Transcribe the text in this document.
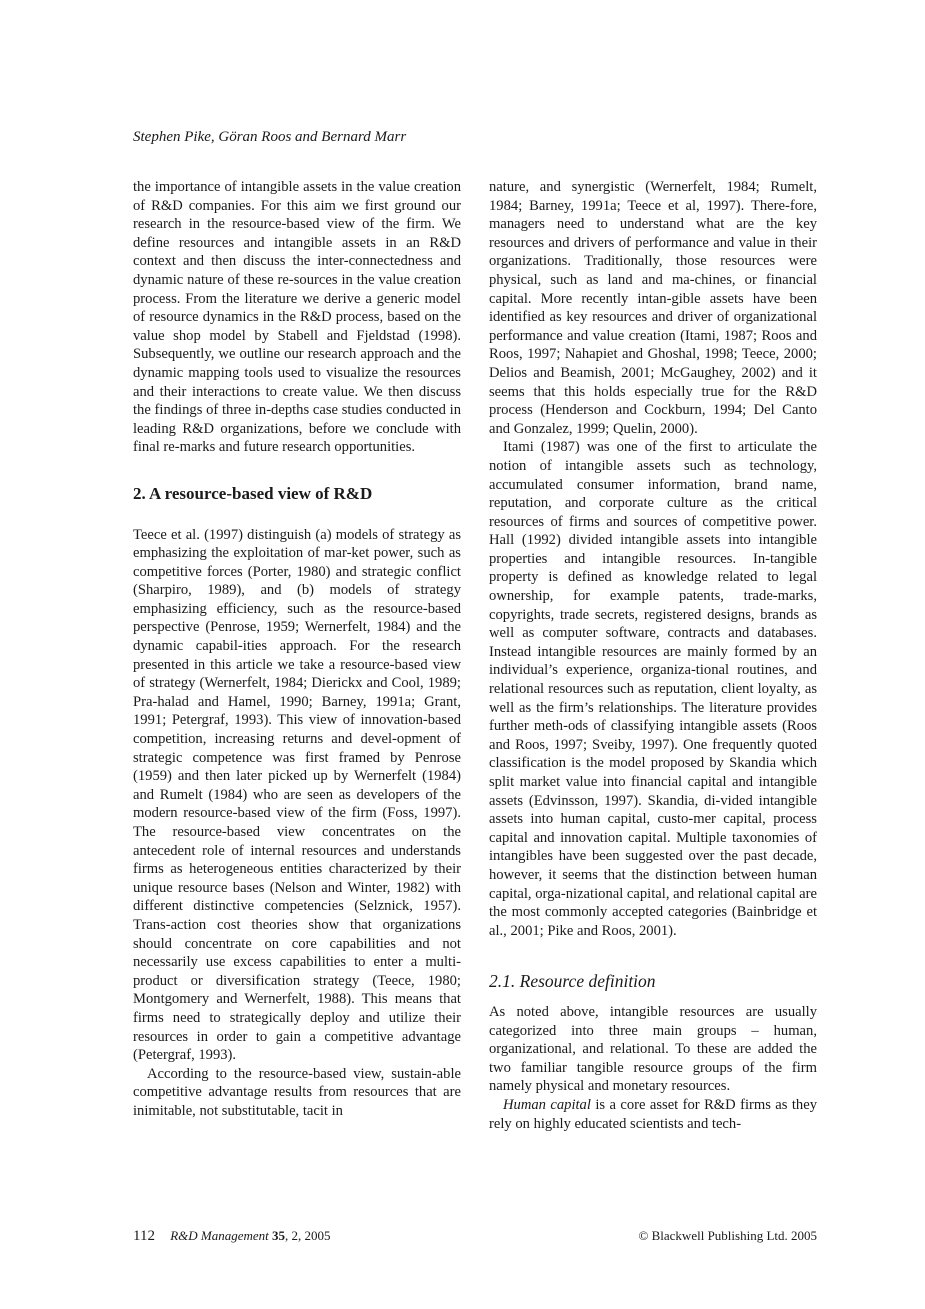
Stephen Pike, Göran Roos and Bernard Marr

the importance of intangible assets in the value creation of R&D companies. For this aim we first ground our research in the resource-based view of the firm. We define resources and intangible assets in an R&D context and then discuss the inter-connectedness and dynamic nature of these re-sources in the value creation process. From the literature we derive a generic model of resource dynamics in the R&D process, based on the value shop model by Stabell and Fjeldstad (1998). Subsequently, we outline our research approach and the dynamic mapping tools used to visualize the resources and their interactions to create value. We then discuss the findings of three in-depths case studies conducted in leading R&D organizations, before we conclude with final re-marks and future research opportunities.

2. A resource-based view of R&D

Teece et al. (1997) distinguish (a) models of strategy as emphasizing the exploitation of mar-ket power, such as competitive forces (Porter, 1980) and strategic conflict (Sharpiro, 1989), and (b) models of strategy emphasizing efficiency, such as the resource-based perspective (Penrose, 1959; Wernerfelt, 1984) and the dynamic capabil-ities approach. For the research presented in this article we take a resource-based view of strategy (Wernerfelt, 1984; Dierickx and Cool, 1989; Pra-halad and Hamel, 1990; Barney, 1991a; Grant, 1991; Petergraf, 1993). This view of innovation-based competition, increasing returns and devel-opment of strategic competence was first framed by Penrose (1959) and then later picked up by Wernerfelt (1984) and Rumelt (1984) who are seen as developers of the modern resource-based view of the firm (Foss, 1997). The resource-based view concentrates on the antecedent role of internal resources and understands firms as heterogeneous entities characterized by their unique resource bases (Nelson and Winter, 1982) with different distinctive competencies (Selznick, 1957). Trans-action cost theories show that organizations should concentrate on core capabilities and not necessarily use excess capabilities to enter a multi-product or diversification strategy (Teece, 1980; Montgomery and Wernerfelt, 1988). This means that firms need to strategically deploy and utilize their resources in order to gain a competitive advantage (Petergraf, 1993).

According to the resource-based view, sustain-able competitive advantage results from resources that are inimitable, not substitutable, tacit in

nature, and synergistic (Wernerfelt, 1984; Rumelt, 1984; Barney, 1991a; Teece et al, 1997). There-fore, managers need to understand what are the key resources and drivers of performance and value in their organizations. Traditionally, those resources were physical, such as land and ma-chines, or financial capital. More recently intan-gible assets have been identified as key resources and driver of organizational performance and value creation (Itami, 1987; Roos and Roos, 1997; Nahapiet and Ghoshal, 1998; Teece, 2000; Delios and Beamish, 2001; McGaughey, 2002) and it seems that this holds especially true for the R&D process (Henderson and Cockburn, 1994; Del Canto and Gonzalez, 1999; Quelin, 2000).

Itami (1987) was one of the first to articulate the notion of intangible assets such as technology, accumulated consumer information, brand name, reputation, and corporate culture as the critical resources of firms and sources of competitive power. Hall (1992) divided intangible assets into intangible properties and intangible resources. In-tangible property is defined as knowledge related to legal ownership, for example patents, trade-marks, copyrights, trade secrets, registered designs, brands as well as computer software, contracts and databases. Instead intangible resources are mainly formed by an individual’s experience, organiza-tional routines, and relational resources such as reputation, client loyalty, as well as the firm’s relationships. The literature provides further meth-ods of classifying intangible assets (Roos and Roos, 1997; Sveiby, 1997). One frequently quoted classification is the model proposed by Skandia which split market value into financial capital and intangible assets (Edvinsson, 1997). Skandia, di-vided intangible assets into human capital, custo-mer capital, process capital and innovation capital. Multiple taxonomies of intangibles have been suggested over the past decade, however, it seems that the distinction between human capital, orga-nizational capital, and relational capital are the most commonly accepted categories (Bainbridge et al., 2001; Pike and Roos, 2001).

2.1. Resource definition

As noted above, intangible resources are usually categorized into three main groups – human, organizational, and relational. To these are added the two familiar tangible resource groups of the firm namely physical and monetary resources.

Human capital is a core asset for R&D firms as they rely on highly educated scientists and tech-

112 R&D Management 35, 2, 2005	© Blackwell Publishing Ltd. 2005
